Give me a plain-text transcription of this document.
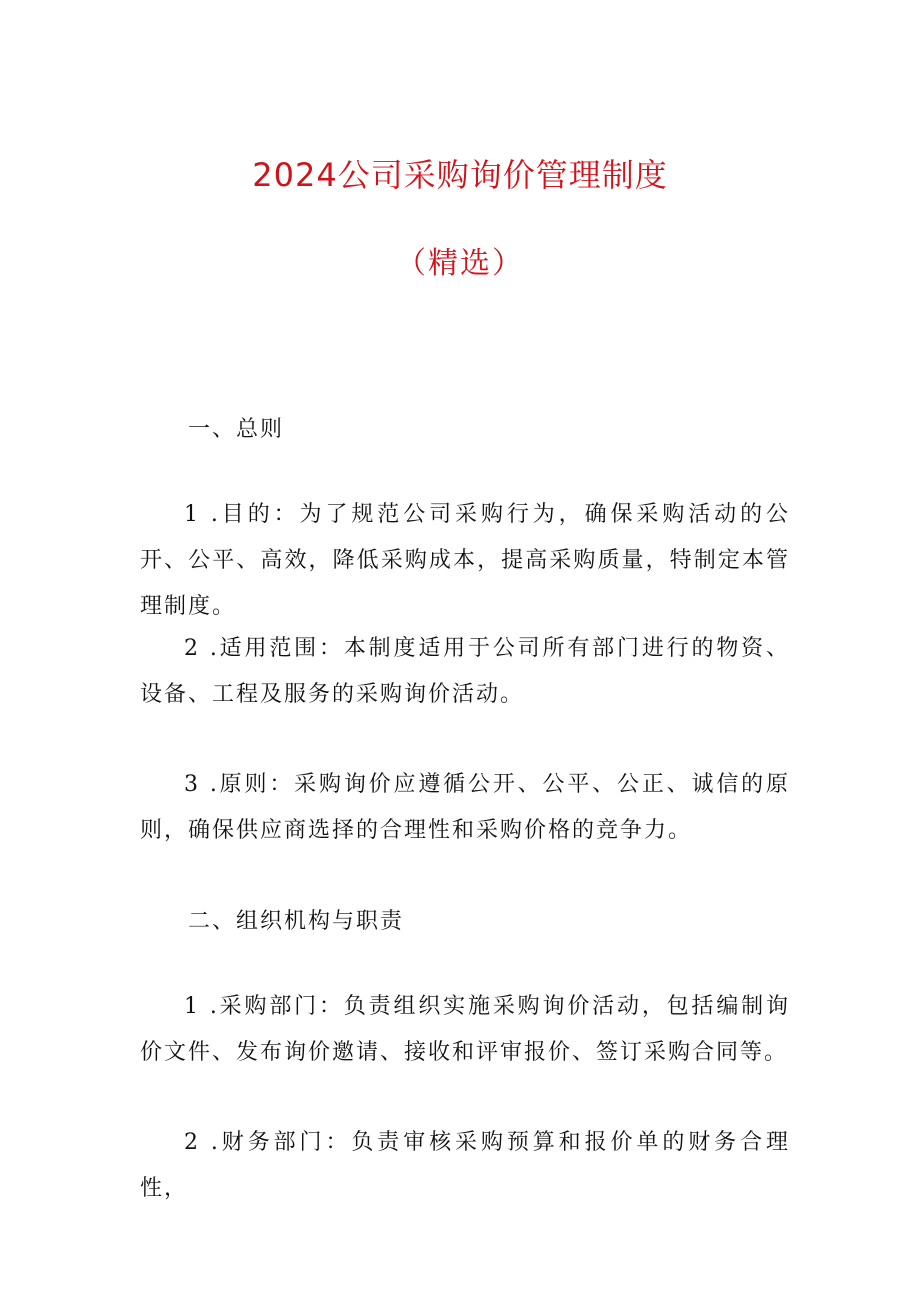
2024公司采购询价管理制度
（精选）
一、总则
1 .目的：为了规范公司采购行为，确保采购活动的公开、公平、高效，降低采购成本，提高采购质量，特制定本管理制度。
2 .适用范围：本制度适用于公司所有部门进行的物资、设备、工程及服务的采购询价活动。
3 .原则：采购询价应遵循公开、公平、公正、诚信的原则，确保供应商选择的合理性和采购价格的竞争力。
二、组织机构与职责
1 .采购部门：负责组织实施采购询价活动，包括编制询价文件、发布询价邀请、接收和评审报价、签订采购合同等。
2 .财务部门：负责审核采购预算和报价单的财务合理性，
